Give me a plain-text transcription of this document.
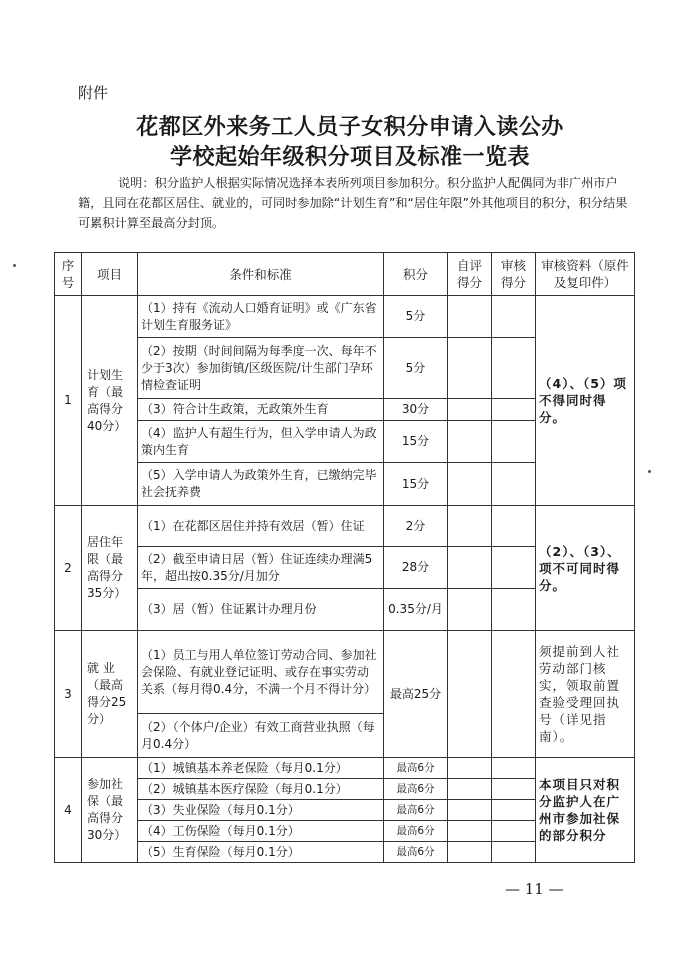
附件
花都区外来务工人员子女积分申请入读公办
学校起始年级积分项目及标准一览表
说明：积分监护人根据实际情况选择本表所列项目参加积分。积分监护人配偶同为非广州市户籍，且同在花都区居住、就业的，可同时参加除“计划生育”和“居住年限”外其他项目的积分，积分结果可累积计算至最高分封顶。
序号	项目	条件和标准	积分	自评得分	审核得分	审核资料（原件及复印件）
1	计划生育（最高得分40分）	（1）持有《流动人口婚育证明》或《广东省计划生育服务证》	5分			（4）、（5）项不得同时得分。
		（2）按期（时间间隔为每季度一次、每年不少于3次）参加街镇/区级医院/计生部门孕环情检查证明	5分			
		（3）符合计生政策，无政策外生育	30分			
		（4）监护人有超生行为，但入学申请人为政策内生育	15分			
		（5）入学申请人为政策外生育，已缴纳完毕社会抚养费	15分			
2	居住年限（最高得分35分）	（1）在花都区居住并持有效居（暂）住证	2分			（2）、（3）、项不可同时得分。
		（2）截至申请日居（暂）住证连续办理满5年，超出按0.35分/月加分	28分			
		（3）居（暂）住证累计办理月份	0.35分/月			
3	就 业（最高得分25分）	（1）员工与用人单位签订劳动合同、参加社会保险、有就业登记证明、或存在事实劳动关系（每月得0.4分，不满一个月不得计分）	最高25分			须提前到人社劳动部门核实，领取前置查验受理回执号（详见指南）。
		（2）（个体户/企业）有效工商营业执照（每月0.4分）				
4	参加社保（最高得分30分）	（1）城镇基本养老保险（每月0.1分）	最高6分			本项目只对积分监护人在广州市参加社保的部分积分
		（2）城镇基本医疗保险（每月0.1分）	最高6分			
		（3）失业保险（每月0.1分）	最高6分			
		（4）工伤保险（每月0.1分）	最高6分			
		（5）生育保险（每月0.1分）	最高6分			
— 11 —
